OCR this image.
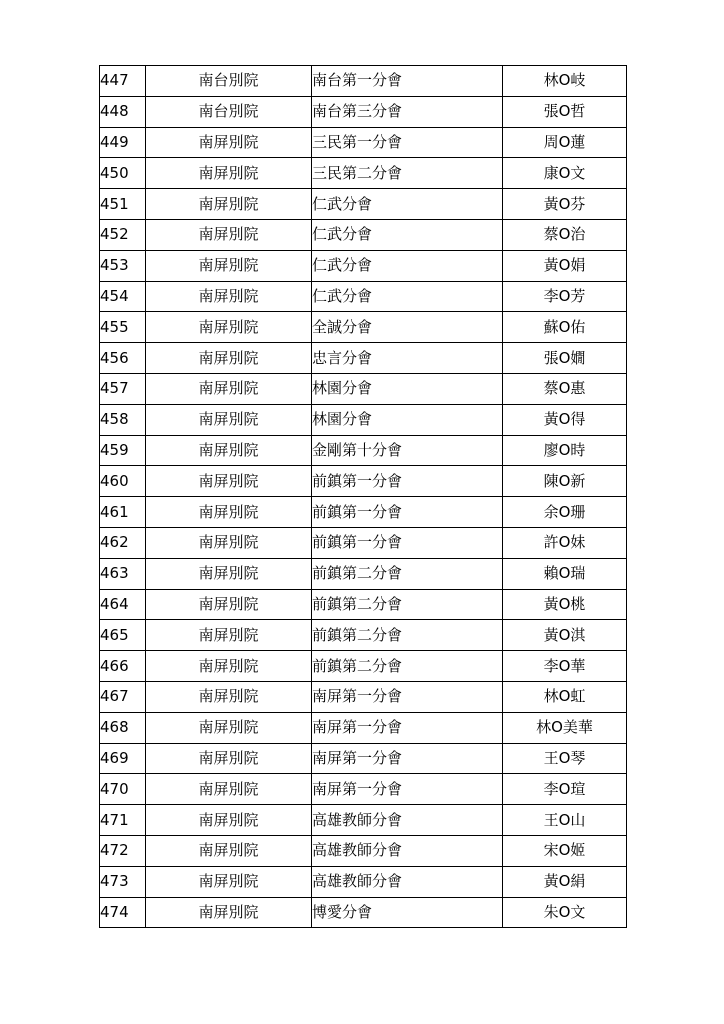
447	南台別院	南台第一分會	林O岐
448	南台別院	南台第三分會	張O哲
449	南屏別院	三民第一分會	周O蓮
450	南屏別院	三民第二分會	康O文
451	南屏別院	仁武分會	黃O芬
452	南屏別院	仁武分會	蔡O治
453	南屏別院	仁武分會	黃O娟
454	南屏別院	仁武分會	李O芳
455	南屏別院	全誠分會	蘇O佑
456	南屏別院	忠言分會	張O嫺
457	南屏別院	林園分會	蔡O惠
458	南屏別院	林園分會	黃O得
459	南屏別院	金剛第十分會	廖O時
460	南屏別院	前鎮第一分會	陳O新
461	南屏別院	前鎮第一分會	余O珊
462	南屏別院	前鎮第一分會	許O妹
463	南屏別院	前鎮第二分會	賴O瑞
464	南屏別院	前鎮第二分會	黃O桃
465	南屏別院	前鎮第二分會	黃O淇
466	南屏別院	前鎮第二分會	李O華
467	南屏別院	南屏第一分會	林O虹
468	南屏別院	南屏第一分會	林O美華
469	南屏別院	南屏第一分會	王O琴
470	南屏別院	南屏第一分會	李O瑄
471	南屏別院	高雄教師分會	王O山
472	南屏別院	高雄教師分會	宋O姬
473	南屏別院	高雄教師分會	黃O絹
474	南屏別院	博愛分會	朱O文
